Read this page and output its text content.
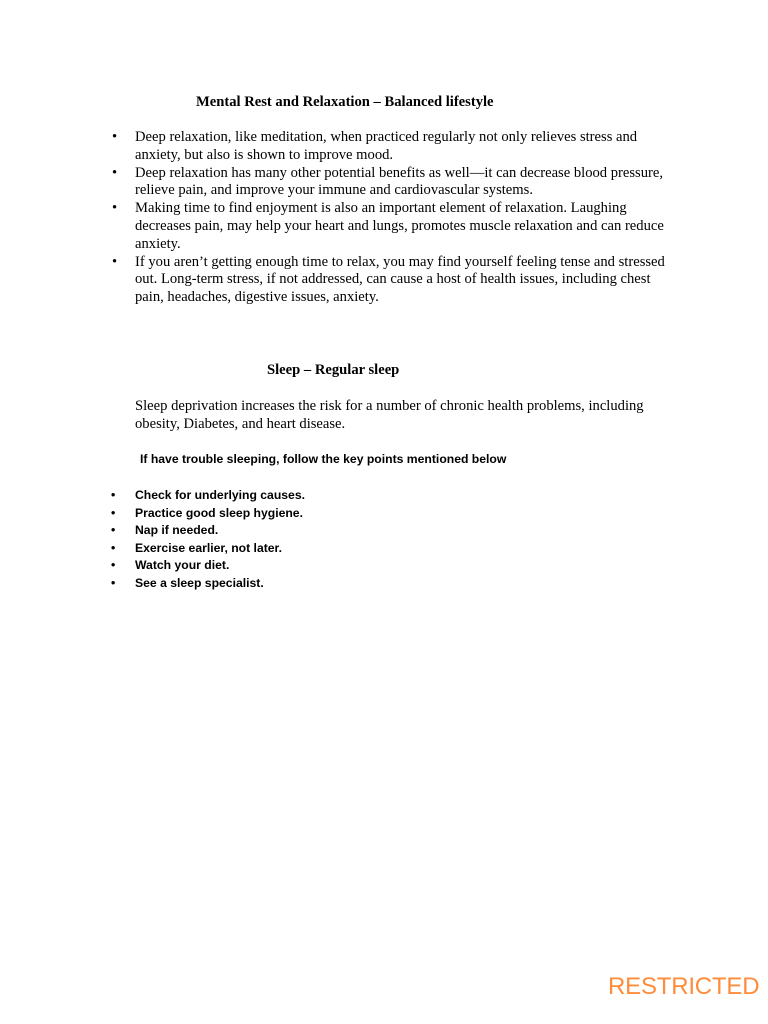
Mental Rest and Relaxation – Balanced lifestyle

• Deep relaxation, like meditation, when practiced regularly not only relieves stress and anxiety, but also is shown to improve mood.
• Deep relaxation has many other potential benefits as well—it can decrease blood pressure, relieve pain, and improve your immune and cardiovascular systems.
• Making time to find enjoyment is also an important element of relaxation. Laughing decreases pain, may help your heart and lungs, promotes muscle relaxation and can reduce anxiety.
• If you aren’t getting enough time to relax, you may find yourself feeling tense and stressed out. Long-term stress, if not addressed, can cause a host of health issues, including chest pain, headaches, digestive issues, anxiety.

Sleep – Regular sleep

Sleep deprivation increases the risk for a number of chronic health problems, including obesity, Diabetes, and heart disease.

If have trouble sleeping, follow the key points mentioned below

• Check for underlying causes.
• Practice good sleep hygiene.
• Nap if needed.
• Exercise earlier, not later.
• Watch your diet.
• See a sleep specialist.

RESTRICTED
